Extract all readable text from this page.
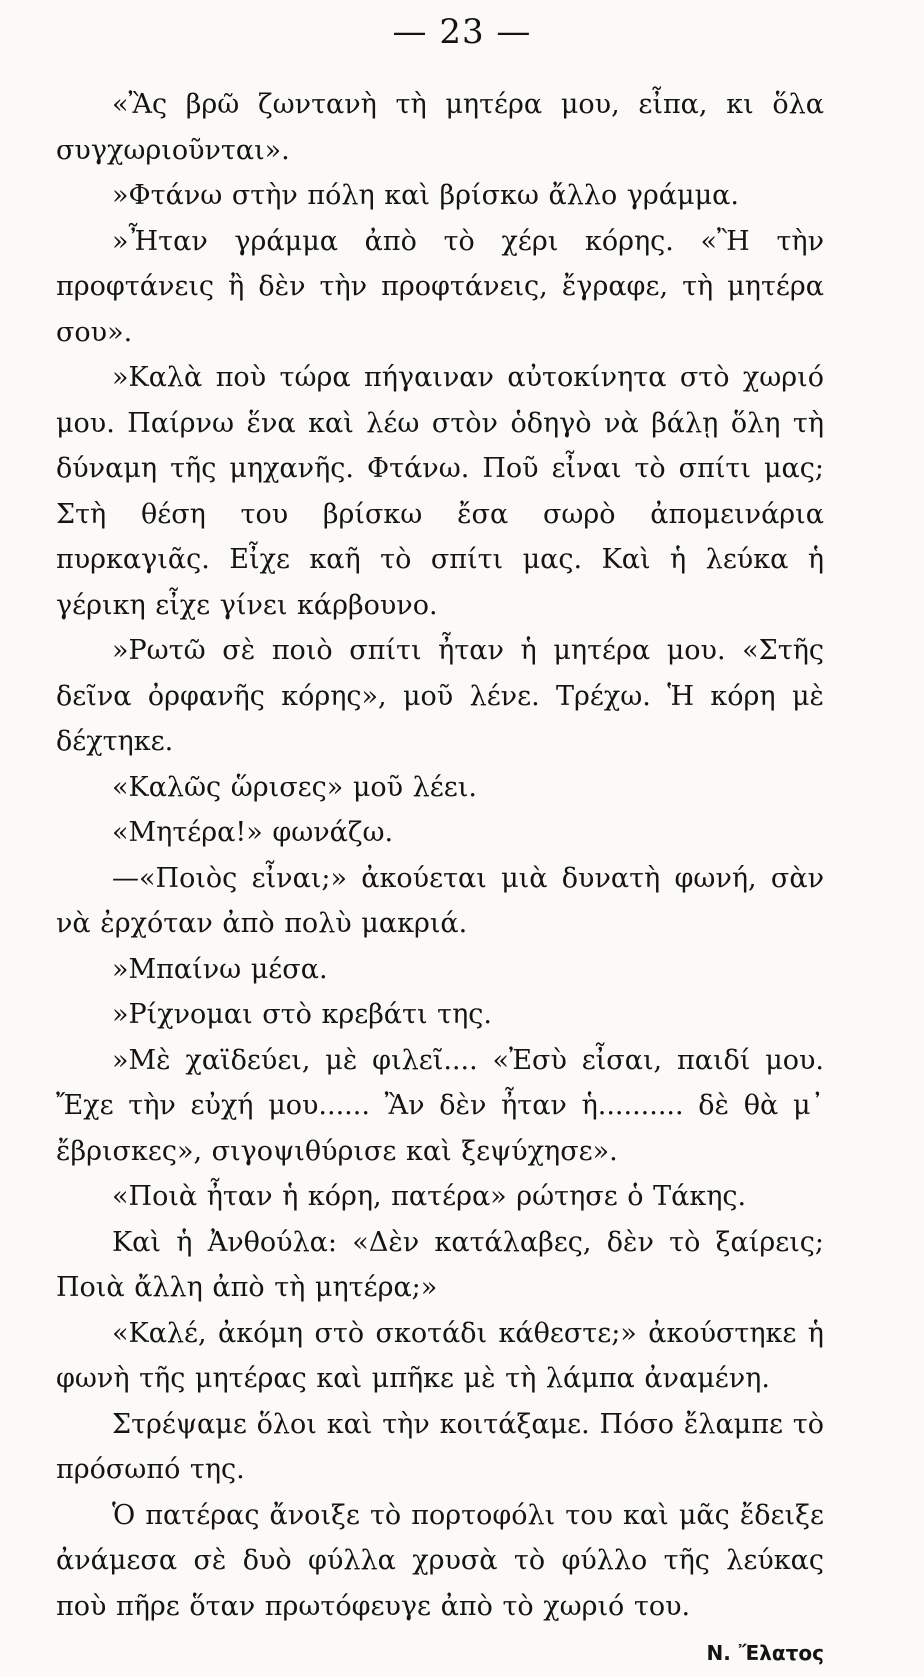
— 23 —

«Ἂς βρῶ ζωντανὴ τὴ μητέρα μου, εἶπα, κι ὅλα συγχωριοῦνται».

»Φτάνω στὴν πόλη καὶ βρίσκω ἄλλο γράμμα.

»Ἦταν γράμμα ἀπὸ τὸ χέρι κόρης. «Ἢ τὴν προφτάνεις ἢ δὲν τὴν προφτάνεις, ἔγραφε, τὴ μητέρα σου».

»Καλὰ ποὺ τώρα πήγαιναν αὐτοκίνητα στὸ χωριό μου. Παίρνω ἕνα καὶ λέω στὸν ὁδηγὸ νὰ βάλῃ ὅλη τὴ δύναμη τῆς μηχανῆς. Φτάνω. Ποῦ εἶναι τὸ σπίτι μας; Στὴ θέση του βρίσκω ἔσα σωρὸ ἀπομεινάρια πυρκαγιᾶς. Εἶχε καῆ τὸ σπίτι μας. Καὶ ἡ λεύκα ἡ γέρικη εἶχε γίνει κάρβουνο.

»Ρωτῶ σὲ ποιὸ σπίτι ἦταν ἡ μητέρα μου. «Στῆς δεῖνα ὀρφανῆς κόρης», μοῦ λένε. Τρέχω. Ἡ κόρη μὲ δέχτηκε.

«Καλῶς ὥρισες» μοῦ λέει.

«Μητέρα!» φωνάζω.

—«Ποιὸς εἶναι;» ἀκούεται μιὰ δυνατὴ φωνή, σὰν νὰ ἐρχόταν ἀπὸ πολὺ μακριά.

»Μπαίνω μέσα.

»Ρίχνομαι στὸ κρεβάτι της.

»Μὲ χαϊδεύει, μὲ φιλεῖ.... «Ἐσὺ εἶσαι, παιδί μου. Ἔχε τὴν εὐχή μου...... Ἂν δὲν ἦταν ἡ.......... δὲ θὰ μ᾽ ἔβρισκες», σιγοψιθύρισε καὶ ξεψύχησε».

«Ποιὰ ἦταν ἡ κόρη, πατέρα» ρώτησε ὁ Τάκης.

Καὶ ἡ Ἀνθούλα: «Δὲν κατάλαβες, δὲν τὸ ξαίρεις; Ποιὰ ἄλλη ἀπὸ τὴ μητέρα;»

«Καλέ, ἀκόμη στὸ σκοτάδι κάθεστε;» ἀκούστηκε ἡ φωνὴ τῆς μητέρας καὶ μπῆκε μὲ τὴ λάμπα ἀναμένη.

Στρέψαμε ὅλοι καὶ τὴν κοιτάξαμε. Πόσο ἔλαμπε τὸ πρόσωπό της.

Ὁ πατέρας ἄνοιξε τὸ πορτοφόλι του καὶ μᾶς ἔδειξε ἀνάμεσα σὲ δυὸ φύλλα χρυσὰ τὸ φύλλο τῆς λεύκας ποὺ πῆρε ὅταν πρωτόφευγε ἀπὸ τὸ χωριό του.
Ν. Ἔλατος
